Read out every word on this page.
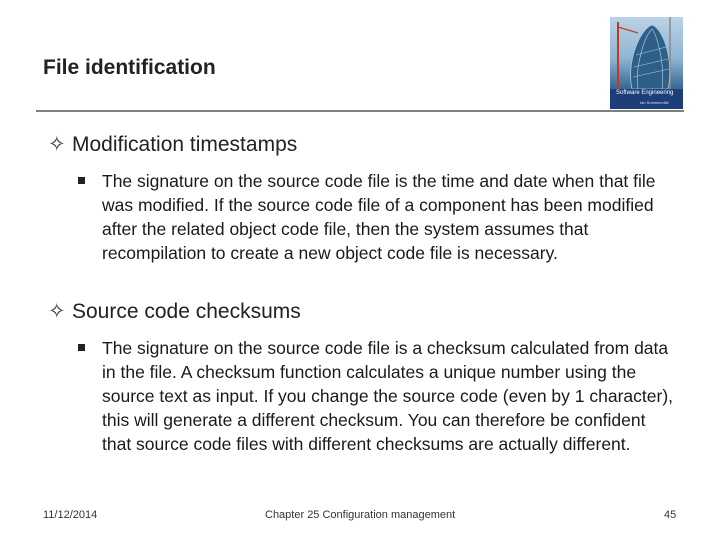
File identification
Software Engineering
Ian Sommerville
✧ Modification timestamps
The signature on the source code file is the time and date when that file was modified. If the source code file of a component has been modified after the related object code file, then the system assumes that recompilation to create a new object code file is necessary.
✧ Source code checksums
The signature on the source code file is a checksum calculated from data in the file. A checksum function calculates a unique number using the source text as input. If you change the source code (even by 1 character), this will generate a different checksum. You can therefore be confident that source code files with different checksums are actually different.
11/12/2014	Chapter 25 Configuration management	45
